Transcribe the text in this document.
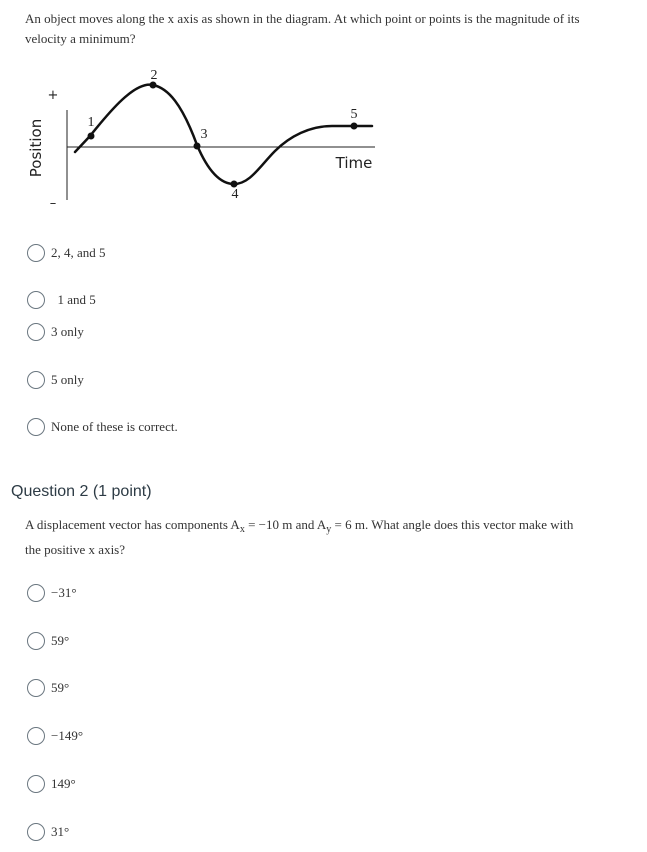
An object moves along the x axis as shown in the diagram. At which point or points is the magnitude of its
velocity a minimum?
+
–
Position	Time
1
2
3
4
5
2, 4, and 5
1 and 5
3 only
5 only
None of these is correct.
Question 2 (1 point)
A displacement vector has components $A_x = -10$ m and $A_y = 6$ m. What angle does this vector make with
the positive x axis?
−31°
59°
59°
−149°
149°
31°
